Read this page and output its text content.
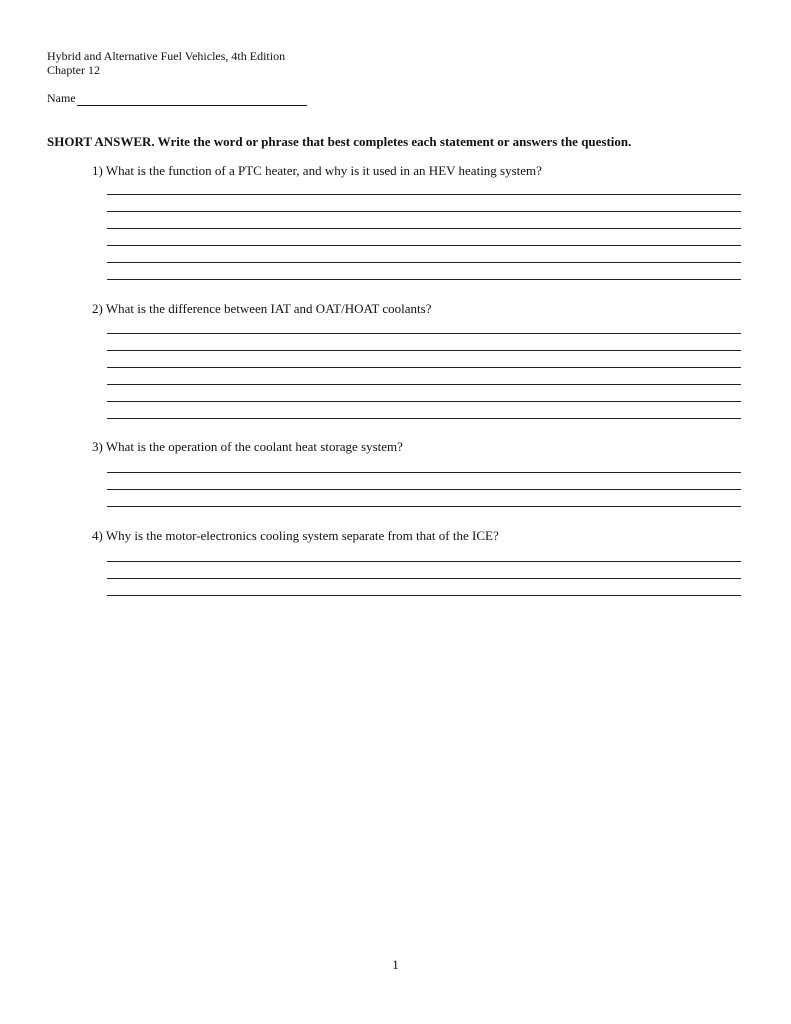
Hybrid and Alternative Fuel Vehicles, 4th Edition
Chapter 12
Name
SHORT ANSWER. Write the word or phrase that best completes each statement or answers the question.
1) What is the function of a PTC heater, and why is it used in an HEV heating system?
2) What is the difference between IAT and OAT/HOAT coolants?
3) What is the operation of the coolant heat storage system?
4) Why is the motor-electronics cooling system separate from that of the ICE?
1
